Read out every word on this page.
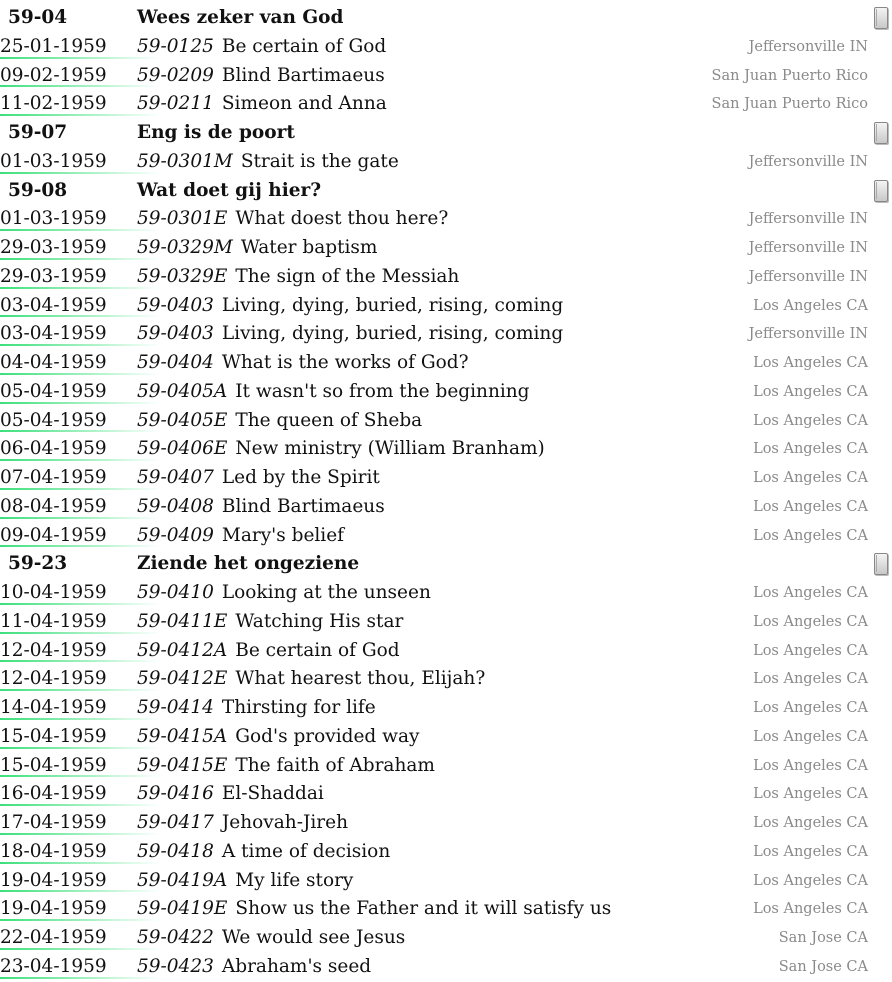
59-04	Wees zeker van God
25-01-1959 59-0125 Be certain of God	Jeffersonville IN
09-02-1959 59-0209 Blind Bartimaeus	San Juan Puerto Rico
11-02-1959 59-0211 Simeon and Anna	San Juan Puerto Rico
59-07	Eng is de poort
01-03-1959 59-0301M Strait is the gate	Jeffersonville IN
59-08	Wat doet gij hier?
01-03-1959 59-0301E What doest thou here?	Jeffersonville IN
29-03-1959 59-0329M Water baptism	Jeffersonville IN
29-03-1959 59-0329E The sign of the Messiah	Jeffersonville IN
03-04-1959 59-0403 Living, dying, buried, rising, coming	Los Angeles CA
03-04-1959 59-0403 Living, dying, buried, rising, coming	Jeffersonville IN
04-04-1959 59-0404 What is the works of God?	Los Angeles CA
05-04-1959 59-0405A It wasn't so from the beginning	Los Angeles CA
05-04-1959 59-0405E The queen of Sheba	Los Angeles CA
06-04-1959 59-0406E New ministry (William Branham)	Los Angeles CA
07-04-1959 59-0407 Led by the Spirit	Los Angeles CA
08-04-1959 59-0408 Blind Bartimaeus	Los Angeles CA
09-04-1959 59-0409 Mary's belief	Los Angeles CA
59-23	Ziende het ongeziene
10-04-1959 59-0410 Looking at the unseen	Los Angeles CA
11-04-1959 59-0411E Watching His star	Los Angeles CA
12-04-1959 59-0412A Be certain of God	Los Angeles CA
12-04-1959 59-0412E What hearest thou, Elijah?	Los Angeles CA
14-04-1959 59-0414 Thirsting for life	Los Angeles CA
15-04-1959 59-0415A God's provided way	Los Angeles CA
15-04-1959 59-0415E The faith of Abraham	Los Angeles CA
16-04-1959 59-0416 El-Shaddai	Los Angeles CA
17-04-1959 59-0417 Jehovah-Jireh	Los Angeles CA
18-04-1959 59-0418 A time of decision	Los Angeles CA
19-04-1959 59-0419A My life story	Los Angeles CA
19-04-1959 59-0419E Show us the Father and it will satisfy us	Los Angeles CA
22-04-1959 59-0422 We would see Jesus	San Jose CA
23-04-1959 59-0423 Abraham's seed	San Jose CA
